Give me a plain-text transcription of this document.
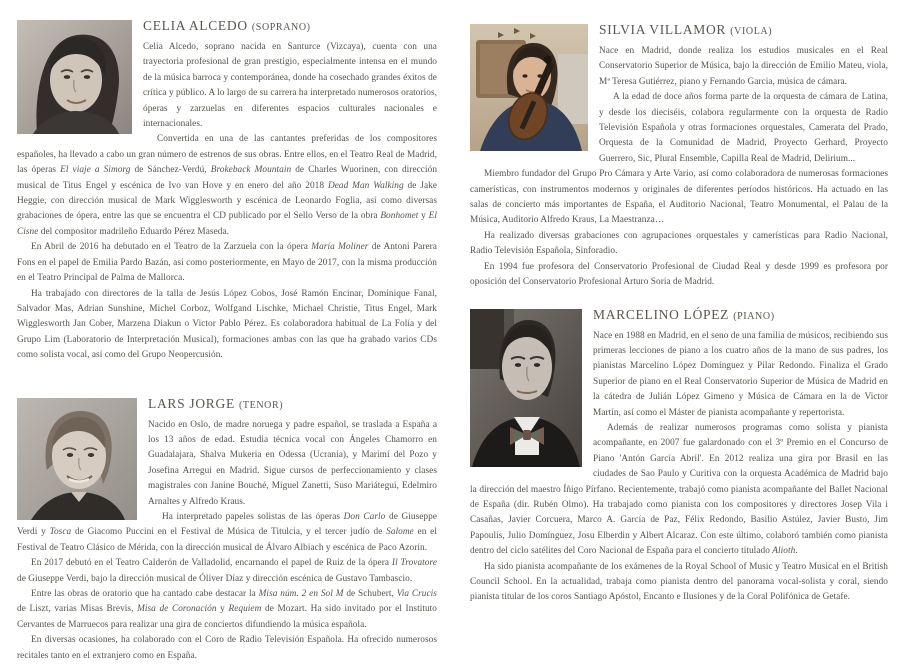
CELIA ALCEDO (SOPRANO)

Celia Alcedo, soprano nacida en Santurce (Vizcaya), cuenta con una trayectoria profesional de gran prestigio, especialmente intensa en el mundo de la música barroca y contemporánea, donde ha cosechado grandes éxitos de crítica y público. A lo largo de su carrera ha interpretado numerosos oratorios, óperas y zarzuelas en diferentes espacios culturales nacionales e internacionales.

Convertida en una de las cantantes preferidas de los compositores españoles, ha llevado a cabo un gran número de estrenos de sus obras. Entre ellos, en el Teatro Real de Madrid, las óperas El viaje a Simorg de Sánchez-Verdú, Brokeback Mountain de Charles Wuorinen, con dirección musical de Titus Engel y escénica de Ivo van Hove y en enero del año 2018 Dead Man Walking de Jake Heggie, con dirección musical de Mark Wigglesworth y escénica de Leonardo Foglia, así como diversas grabaciones de ópera, entre las que se encuentra el CD publicado por el Sello Verso de la obra Bonhomet y El Cisne del compositor madrileño Eduardo Pérez Maseda.

En Abril de 2016 ha debutado en el Teatro de la Zarzuela con la ópera María Moliner de Antoni Parera Fons en el papel de Emilia Pardo Bazán, así como posteriormente, en Mayo de 2017, con la misma producción en el Teatro Principal de Palma de Mallorca.

Ha trabajado con directores de la talla de Jesús López Cobos, José Ramón Encinar, Dominique Fanal, Salvador Mas, Adrian Sunshine, Michel Corboz, Wolfgand Lischke, Michael Christie, Titus Engel, Mark Wigglesworth Jan Cober, Marzena Diakun o Victor Pablo Pérez. Es colaboradora habitual de La Folía y del Grupo Lim (Laboratorio de Interpretación Musical), formaciones ambas con las que ha grabado varios CDs como solista vocal, así como del Grupo Neopercusión.

LARS JORGE (TENOR)

Nacido en Oslo, de madre noruega y padre español, se traslada a España a los 13 años de edad. Estudia técnica vocal con Ángeles Chamorro en Guadalajara, Shalva Mukeria en Odessa (Ucrania), y Marimí del Pozo y Josefina Arregui en Madrid. Sigue cursos de perfeccionamiento y clases magistrales con Janine Bouché, Miguel Zanetti, Suso Mariátegui, Edelmiro Arnaltes y Alfredo Kraus.

Ha interpretado papeles solistas de las óperas Don Carlo de Giuseppe Verdi y Tosca de Giacomo Puccini en el Festival de Música de Titulcia, y el tercer judío de Salome en el Festival de Teatro Clásico de Mérida, con la dirección musical de Álvaro Albiach y escénica de Paco Azorín.

En 2017 debutó en el Teatro Calderón de Valladolid, encarnando el papel de Ruiz de la ópera Il Trovatore de Giuseppe Verdi, bajo la dirección musical de Óliver Díaz y dirección escénica de Gustavo Tambascio.

Entre las obras de oratorio que ha cantado cabe destacar la Misa núm. 2 en Sol M de Schubert, Via Crucis de Liszt, varias Misas Brevis, Misa de Coronación y Requiem de Mozart. Ha sido invitado por el Instituto Cervantes de Marruecos para realizar una gira de conciertos difundiendo la música española.

En diversas ocasiones, ha colaborado con el Coro de Radio Televisión Española. Ha ofrecido numerosos recitales tanto en el extranjero como en España.

SILVIA VILLAMOR (VIOLA)

Nace en Madrid, donde realiza los estudios musicales en el Real Conservatorio Superior de Música, bajo la dirección de Emilio Mateu, viola, Mª Teresa Gutiérrez, piano y Fernando Garcia, música de cámara.

A la edad de doce años forma parte de la orquesta de cámara de Latina, y desde los dieciséis, colabora regularmente con la orquesta de Radio Televisión Española y otras formaciones orquestales, Camerata del Prado, Orquesta de la Comunidad de Madrid, Proyecto Gerhard, Proyecto Guerrero, Sic, Plural Ensemble, Capilla Real de Madrid, Delirium...

Miembro fundador del Grupo Pro Cámara y Arte Vario, así como colaboradora de numerosas formaciones camerísticas, con instrumentos modernos y originales de diferentes períodos históricos. Ha actuado en las salas de concierto más importantes de España, el Auditorio Nacional, Teatro Monumental, el Palau de la Música, Auditorio Alfredo Kraus, La Maestranza…

Ha realizado diversas grabaciones con agrupaciones orquestales y camerísticas para Radio Nacional, Radio Televisión Española, Sinforadio.

En 1994 fue profesora del Conservatorio Profesional de Ciudad Real y desde 1999 es profesora por oposición del Conservatorio Profesional Arturo Soria de Madrid.

MARCELINO LÓPEZ (PIANO)

Nace en 1988 en Madrid, en el seno de una familia de músicos, recibiendo sus primeras lecciones de piano a los cuatro años de la mano de sus padres, los pianistas Marcelino López Domínguez y Pilar Redondo. Finaliza el Grado Superior de piano en el Real Conservatorio Superior de Música de Madrid en la cátedra de Julián López Gimeno y Música de Cámara en la de Victor Martín, así como el Máster de pianista acompañante y repertorista.

Además de realizar numerosos programas como solista y pianista acompañante, en 2007 fue galardonado con el 3º Premio en el Concurso de Piano 'Antón García Abril'. En 2012 realiza una gira por Brasil en las ciudades de Sao Paulo y Curitiva con la orquesta Académica de Madrid bajo la dirección del maestro Íñigo Pírfano. Recientemente, trabajó como pianista acompañante del Ballet Nacional de España (dir. Rubén Olmo). Ha trabajado como pianista con los compositores y directores Josep Vila i Casañas, Javier Corcuera, Marco A. García de Paz, Félix Redondo, Basilio Astúlez, Javier Busto, Jim Papoulis, Julio Domínguez, Josu Elberdin y Albert Alcaraz. Con este último, colaboró también como pianista dentro del ciclo satélites del Coro Nacional de España para el concierto titulado Alioth.

Ha sido pianista acompañante de los exámenes de la Royal School of Music y Teatro Musical en el British Council School. En la actualidad, trabaja como pianista dentro del panorama vocal-solista y coral, siendo pianista titular de los coros Santiago Apóstol, Encanto e Ilusiones y de la Coral Polifónica de Getafe.
